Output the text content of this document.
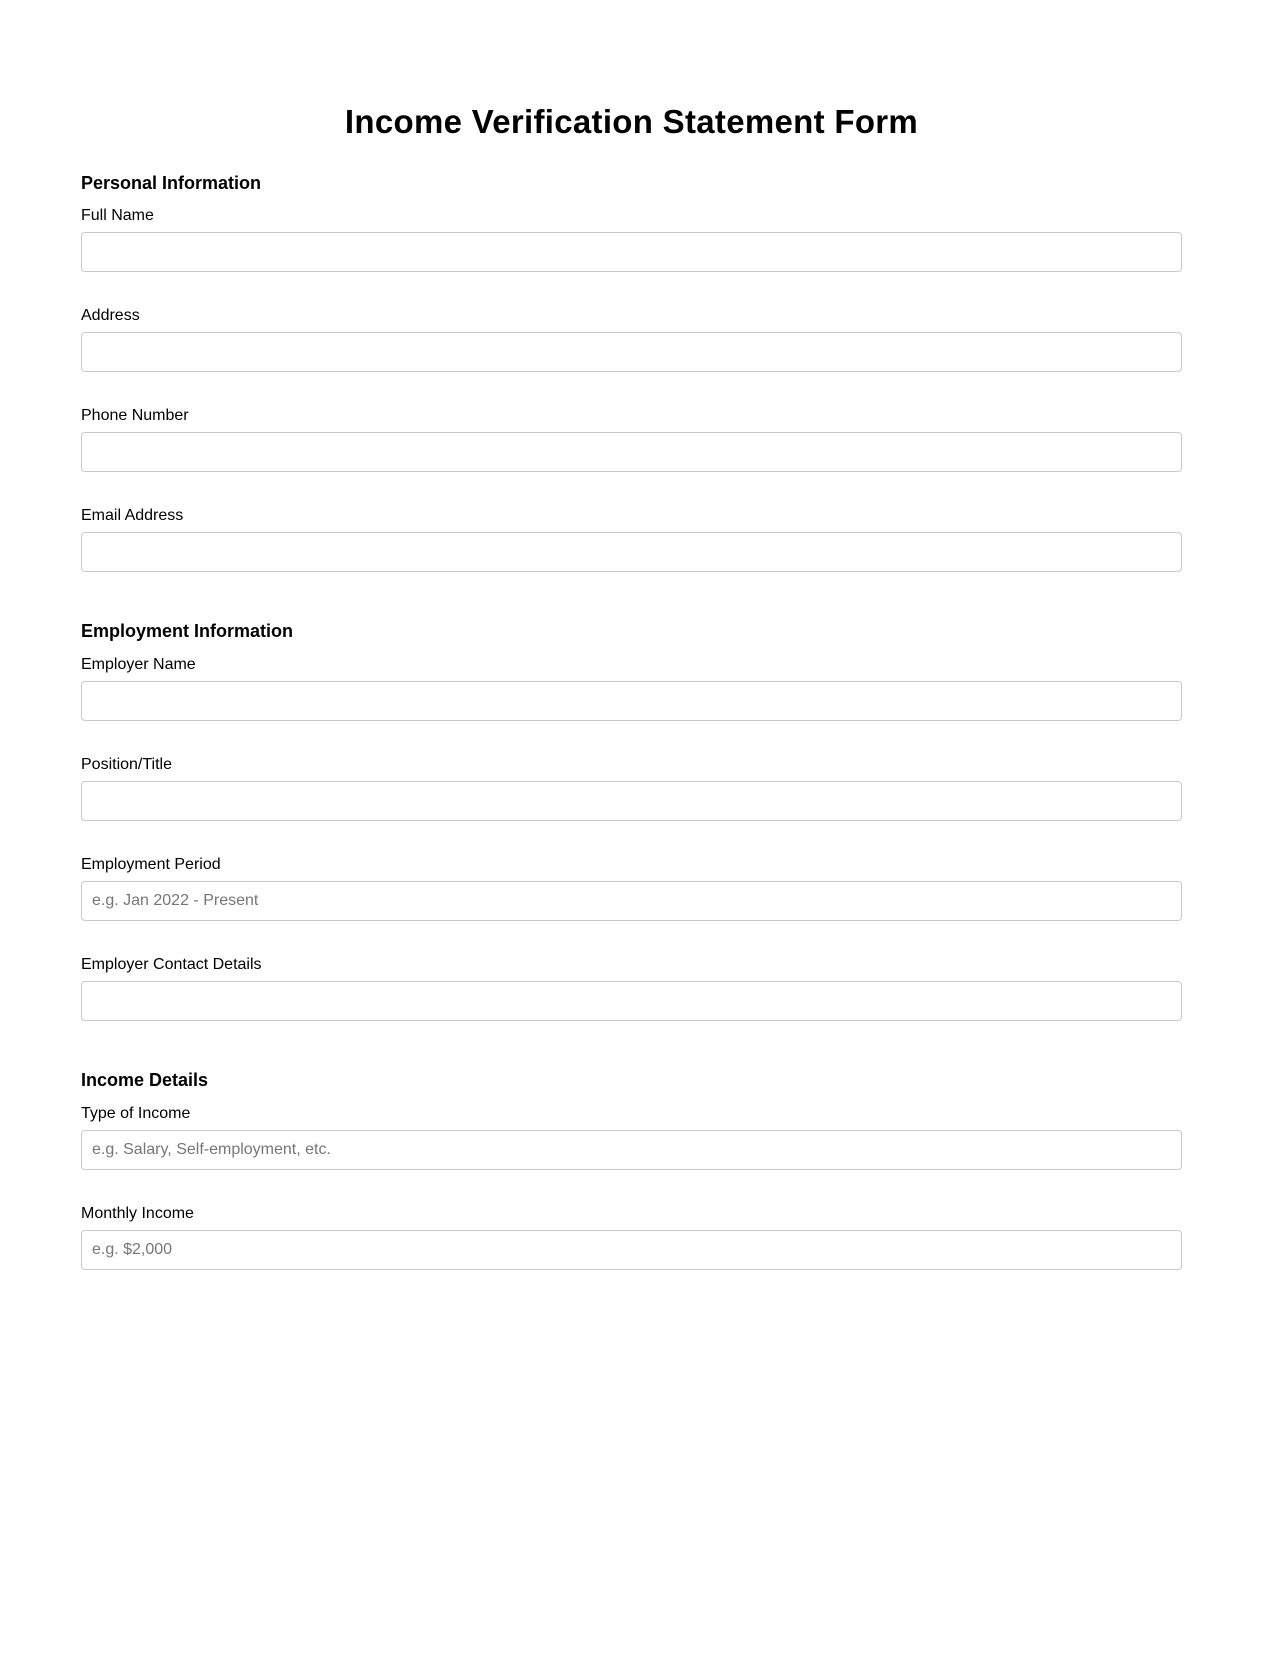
Income Verification Statement Form
Personal Information
Full Name
Address
Phone Number
Email Address
Employment Information
Employer Name
Position/Title
Employment Period
e.g. Jan 2022 - Present
Employer Contact Details
Income Details
Type of Income
e.g. Salary, Self-employment, etc.
Monthly Income
e.g. $2,000
